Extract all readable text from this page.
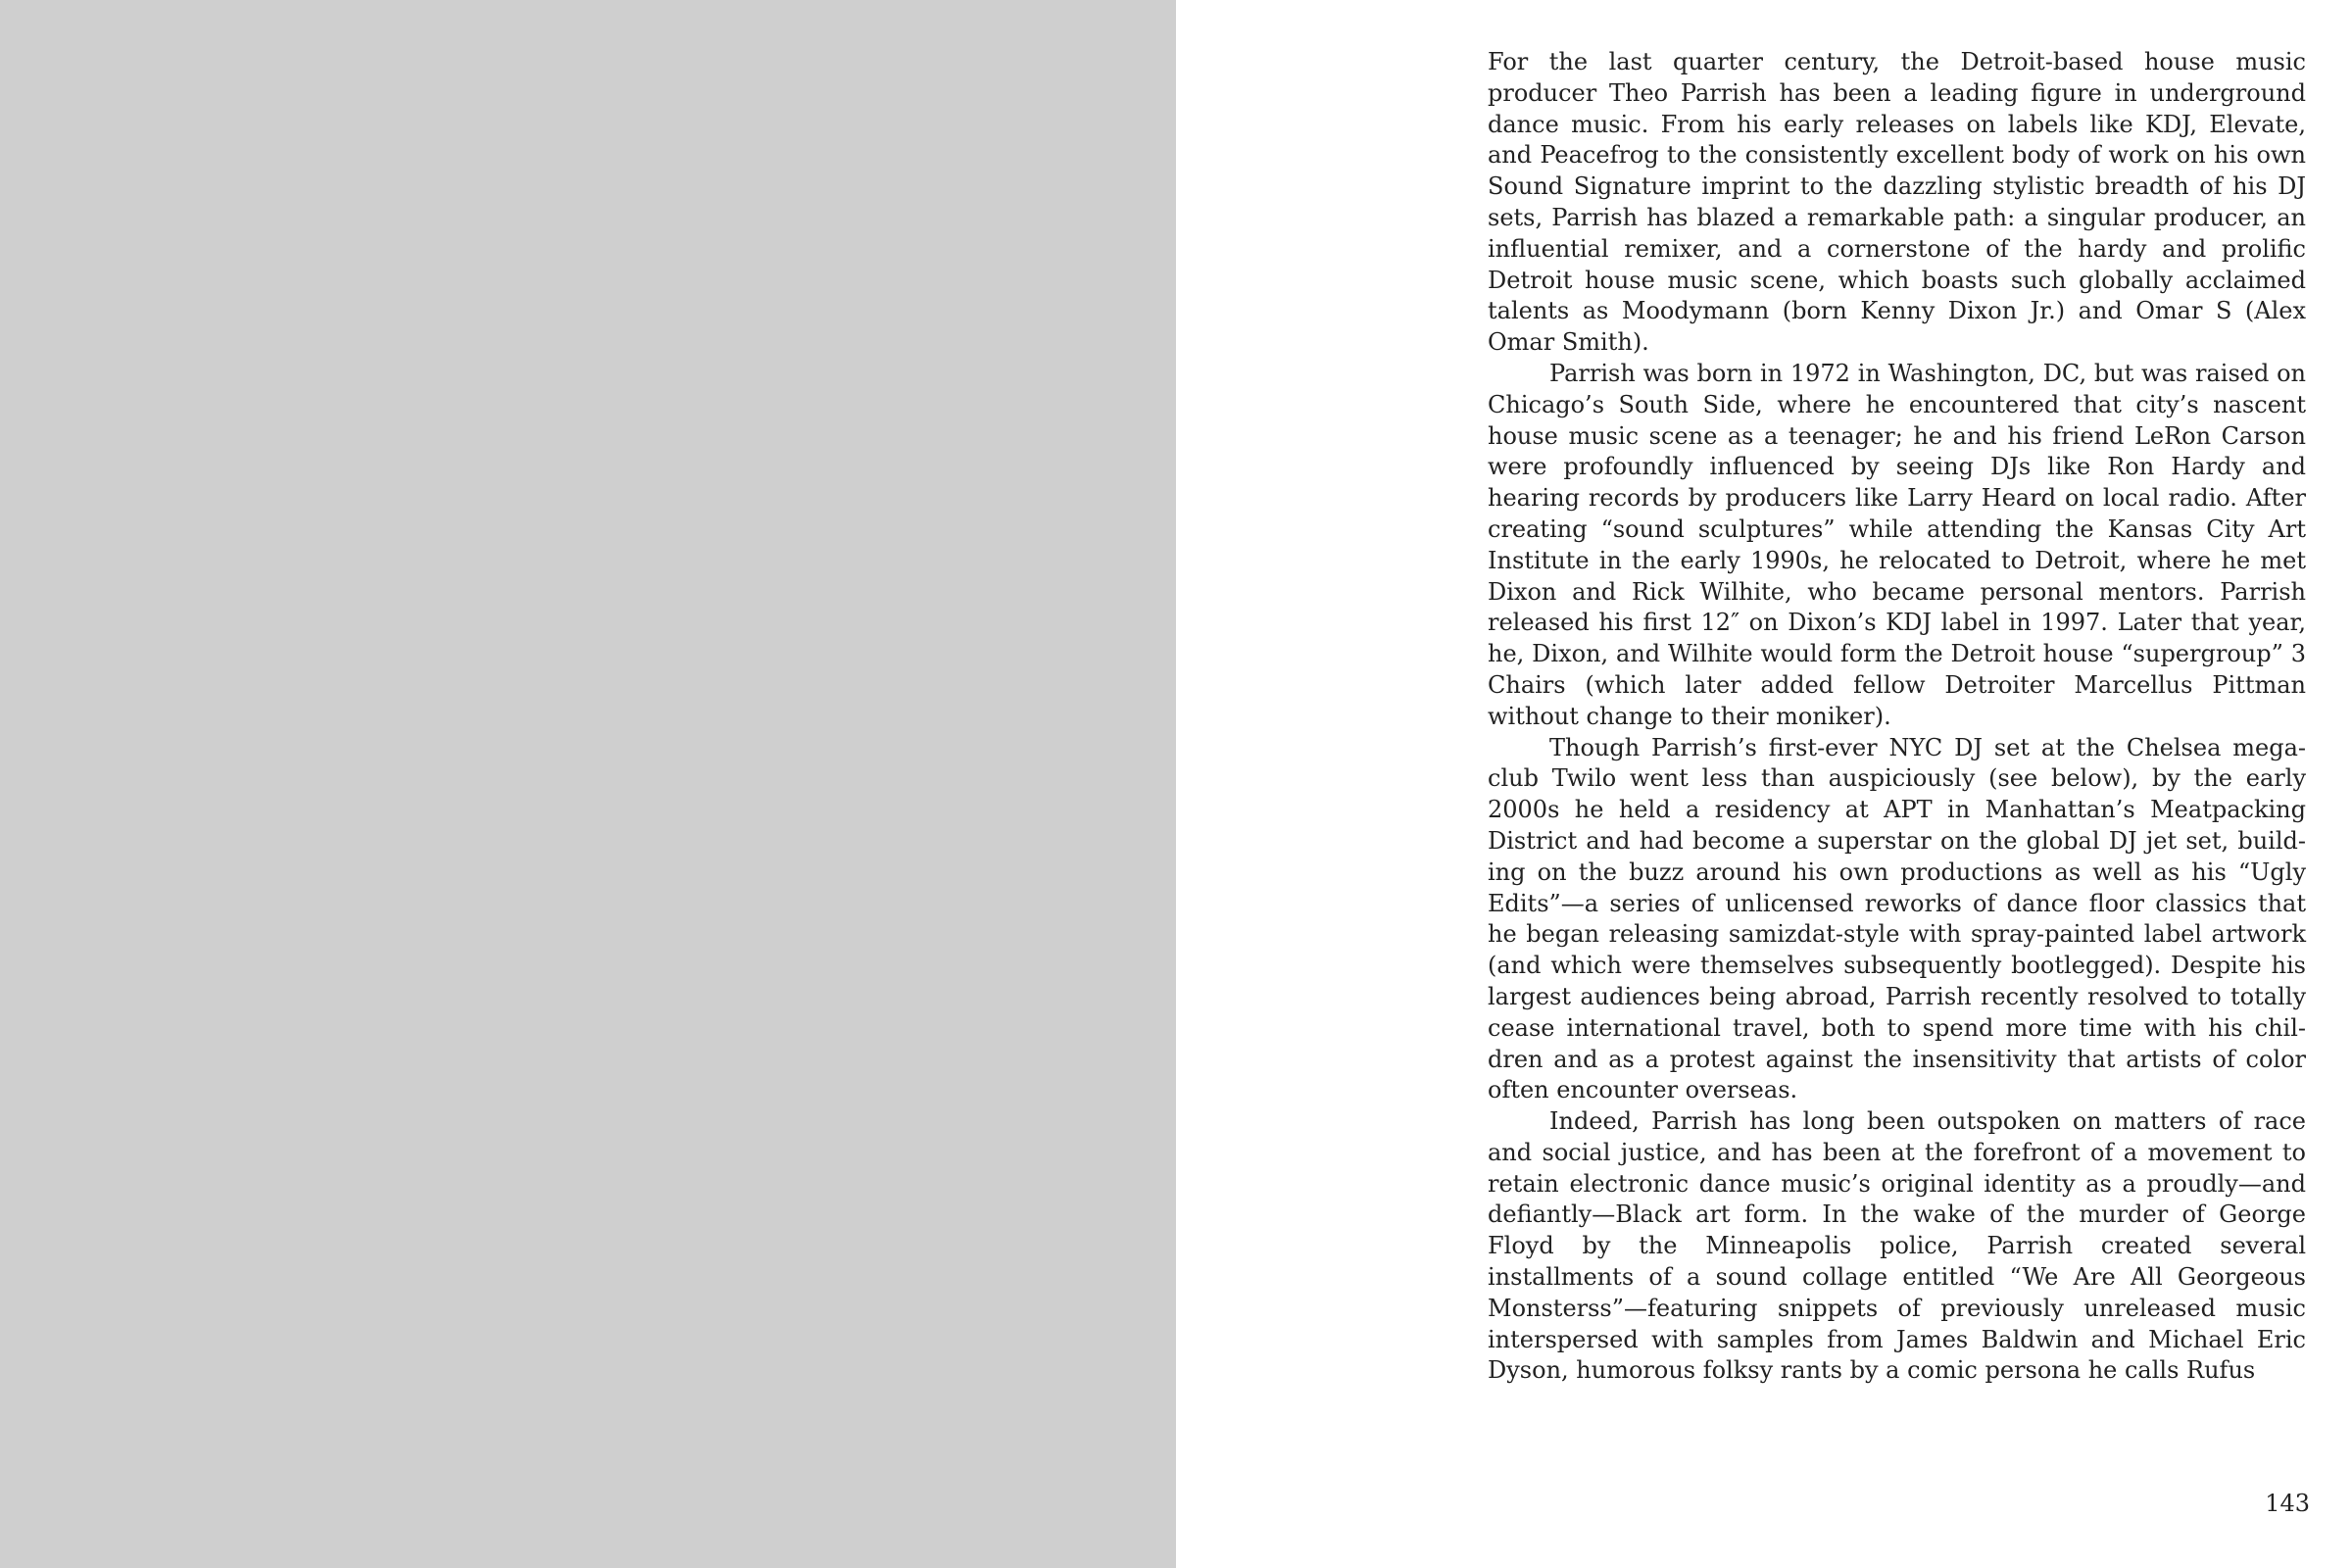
For the last quarter century, the Detroit-based house music producer Theo Parrish has been a leading figure in underground dance music. From his early releases on labels like KDJ, Elevate, and Peacefrog to the consistently excellent body of work on his own Sound Signature imprint to the dazzling stylistic breadth of his DJ sets, Parrish has blazed a remarkable path: a singular producer, an influential remixer, and a cornerstone of the hardy and prolific Detroit house music scene, which boasts such globally acclaimed talents as Moodymann (born Kenny Dixon Jr.) and Omar S (Alex Omar Smith).

Parrish was born in 1972 in Washington, DC, but was raised on Chicago’s South Side, where he encountered that city’s nascent house music scene as a teenager; he and his friend LeRon Carson were profoundly influenced by seeing DJs like Ron Hardy and hearing records by producers like Larry Heard on local radio. After creating “sound sculptures” while attending the Kansas City Art Institute in the early 1990s, he relocated to Detroit, where he met Dixon and Rick Wilhite, who became personal mentors. Parrish released his first 12″ on Dixon’s KDJ label in 1997. Later that year, he, Dixon, and Wilhite would form the Detroit house “supergroup” 3 Chairs (which later added fellow Detroiter Marcellus Pittman without change to their moniker).

Though Parrish’s first-ever NYC DJ set at the Chelsea mega-club Twilo went less than auspiciously (see below), by the early 2000s he held a residency at APT in Manhattan’s Meatpacking District and had become a superstar on the global DJ jet set, build-ing on the buzz around his own productions as well as his “Ugly Edits”—a series of unlicensed reworks of dance floor classics that he began releasing samizdat-style with spray-painted label artwork (and which were themselves subsequently bootlegged). Despite his largest audiences being abroad, Parrish recently resolved to totally cease international travel, both to spend more time with his chil-dren and as a protest against the insensitivity that artists of color often encounter overseas.

Indeed, Parrish has long been outspoken on matters of race and social justice, and has been at the forefront of a movement to retain electronic dance music’s original identity as a proudly—and defiantly—Black art form. In the wake of the murder of George Floyd by the Minneapolis police, Parrish created several installments of a sound collage entitled “We Are All Georgeous Monsterss”—featuring snippets of previously unreleased music interspersed with samples from James Baldwin and Michael Eric Dyson, humorous folksy rants by a comic persona he calls Rufus

143
